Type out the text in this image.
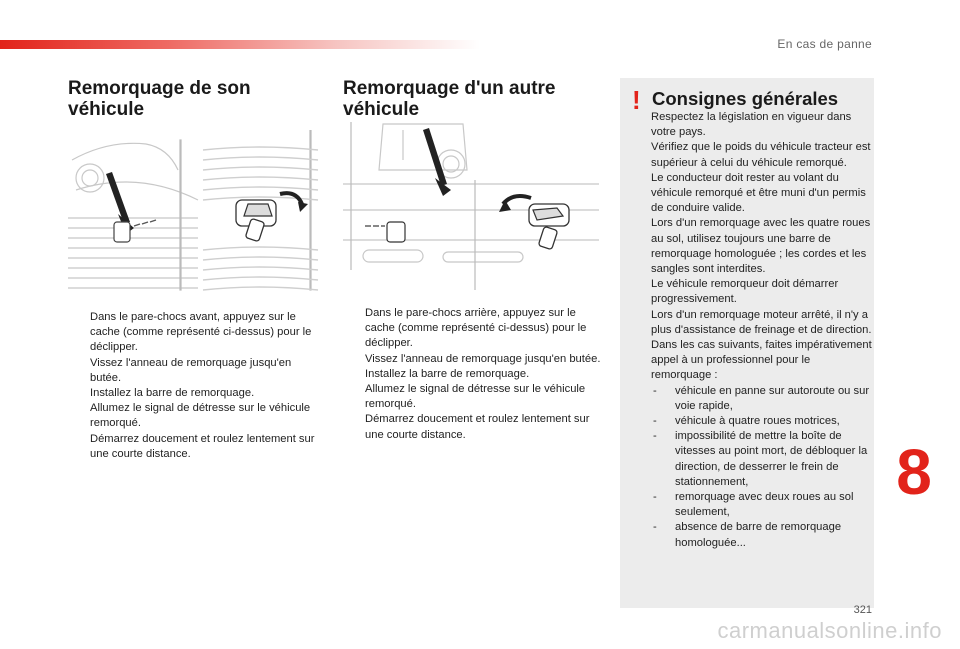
En cas de panne
Remorquage de son
véhicule
Dans le pare-chocs avant, appuyez sur le cache (comme représenté ci-dessus) pour le déclipper.
Vissez l'anneau de remorquage jusqu'en butée.
Installez la barre de remorquage.
Allumez le signal de détresse sur le véhicule remorqué.
Démarrez doucement et roulez lentement sur une courte distance.
Remorquage d'un autre
véhicule
Dans le pare-chocs arrière, appuyez sur le cache (comme représenté ci-dessus) pour le déclipper.
Vissez l'anneau de remorquage jusqu'en butée.
Installez la barre de remorquage.
Allumez le signal de détresse sur le véhicule remorqué.
Démarrez doucement et roulez lentement sur une courte distance.
! Consignes générales

Respectez la législation en vigueur dans votre pays.

Vérifiez que le poids du véhicule tracteur est supérieur à celui du véhicule remorqué.

Le conducteur doit rester au volant du véhicule remorqué et être muni d'un permis de conduire valide.

Lors d'un remorquage avec les quatre roues au sol, utilisez toujours une barre de remorquage homologuée ; les cordes et les sangles sont interdites.

Le véhicule remorqueur doit démarrer progressivement.

Lors d'un remorquage moteur arrêté, il n'y a plus d'assistance de freinage et de direction.

Dans les cas suivants, faites impérativement appel à un professionnel pour le remorquage :

- véhicule en panne sur autoroute ou sur voie rapide,

- véhicule à quatre roues motrices,

- impossibilité de mettre la boîte de vitesses au point mort, de débloquer la direction, de desserrer le frein de stationnement,

- remorquage avec deux roues au sol seulement,

- absence de barre de remorquage homologuée...

8
321
carmanualsonline.info
